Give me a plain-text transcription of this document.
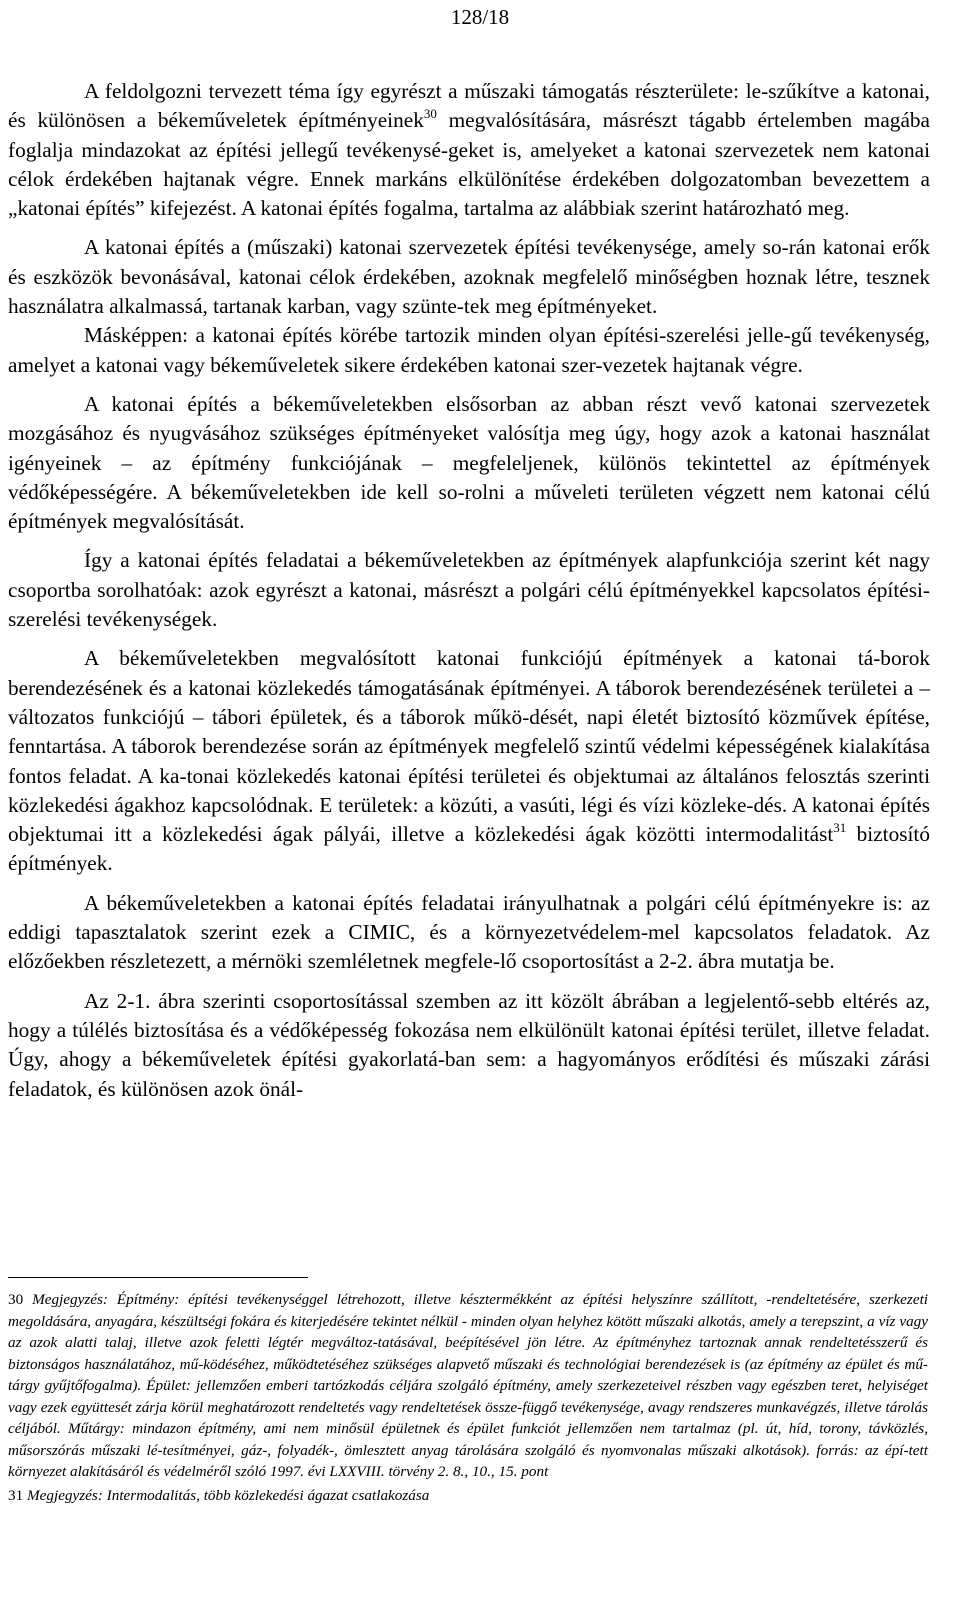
128/18

A feldolgozni tervezett téma így egyrészt a műszaki támogatás részterülete: le-szűkítve a katonai, és különösen a békeműveletek építményeinek$^{30}$ megvalósítására, másrészt tágabb értelemben magába foglalja mindazokat az építési jellegű tevékenysé-geket is, amelyeket a katonai szervezetek nem katonai célok érdekében hajtanak végre. Ennek markáns elkülönítése érdekében dolgozatomban bevezettem a „katonai építés” kifejezést. A katonai építés fogalma, tartalma az alábbiak szerint határozható meg.

A katonai építés a (műszaki) katonai szervezetek építési tevékenysége, amely so-rán katonai erők és eszközök bevonásával, katonai célok érdekében, azoknak megfelelő minőségben hoznak létre, tesznek használatra alkalmassá, tartanak karban, vagy szünte-tek meg építményeket.

Másképpen: a katonai építés körébe tartozik minden olyan építési-szerelési jelle-gű tevékenység, amelyet a katonai vagy békeműveletek sikere érdekében katonai szer-vezetek hajtanak végre.

A katonai építés a békeműveletekben elsősorban az abban részt vevő katonai szervezetek mozgásához és nyugvásához szükséges építményeket valósítja meg úgy, hogy azok a katonai használat igényeinek – az építmény funkciójának – megfeleljenek, különös tekintettel az építmények védőképességére. A békeműveletekben ide kell so-rolni a műveleti területen végzett nem katonai célú építmények megvalósítását.

Így a katonai építés feladatai a békeműveletekben az építmények alapfunkciója szerint két nagy csoportba sorolhatóak: azok egyrészt a katonai, másrészt a polgári célú építményekkel kapcsolatos építési-szerelési tevékenységek.

A békeműveletekben megvalósított katonai funkciójú építmények a katonai tá-borok berendezésének és a katonai közlekedés támogatásának építményei. A táborok berendezésének területei a – változatos funkciójú – tábori épületek, és a táborok műkö-dését, napi életét biztosító közművek építése, fenntartása. A táborok berendezése során az építmények megfelelő szintű védelmi képességének kialakítása fontos feladat. A ka-tonai közlekedés katonai építési területei és objektumai az általános felosztás szerinti közlekedési ágakhoz kapcsolódnak. E területek: a közúti, a vasúti, légi és vízi közleke-dés. A katonai építés objektumai itt a közlekedési ágak pályái, illetve a közlekedési ágak közötti intermodalitást$^{31}$ biztosító építmények.

A békeműveletekben a katonai építés feladatai irányulhatnak a polgári célú építményekre is: az eddigi tapasztalatok szerint ezek a CIMIC, és a környezetvédelem-mel kapcsolatos feladatok. Az előzőekben részletezett, a mérnöki szemléletnek megfele-lő csoportosítást a 2-2. ábra mutatja be.

Az 2-1. ábra szerinti csoportosítással szemben az itt közölt ábrában a legjelentő-sebb eltérés az, hogy a túlélés biztosítása és a védőképesség fokozása nem elkülönült katonai építési terület, illetve feladat. Úgy, ahogy a békeműveletek építési gyakorlatá-ban sem: a hagyományos erődítési és műszaki zárási feladatok, és különösen azok önál-

30 Megjegyzés: Építmény: építési tevékenységgel létrehozott, illetve késztermékként az építési helyszínre szállított, -rendeltetésére, szerkezeti megoldására, anyagára, készültségi fokára és kiterjedésére tekintet nélkül - minden olyan helyhez kötött műszaki alkotás, amely a terepszint, a víz vagy az azok alatti talaj, illetve azok feletti légtér megváltoz-tatásával, beépítésével jön létre. Az építményhez tartoznak annak rendeltetésszerű és biztonságos használatához, mű-ködéséhez, működtetéséhez szükséges alapvető műszaki és technológiai berendezések is (az építmény az épület és mű-tárgy gyűjtőfogalma). Épület: jellemzően emberi tartózkodás céljára szolgáló építmény, amely szerkezeteivel részben vagy egészben teret, helyiséget vagy ezek együttesét zárja körül meghatározott rendeltetés vagy rendeltetések össze-függő tevékenysége, avagy rendszeres munkavégzés, illetve tárolás céljából. Műtárgy: mindazon építmény, ami nem minősül épületnek és épület funkciót jellemzően nem tartalmaz (pl. út, híd, torony, távközlés, műsorszórás műszaki lé-tesítményei, gáz-, folyadék-, ömlesztett anyag tárolására szolgáló és nyomvonalas műszaki alkotások). forrás: az épí-tett környezet alakításáról és védelméről szóló 1997. évi LXXVIII. törvény 2. 8., 10., 15. pont

31 Megjegyzés: Intermodalitás, több közlekedési ágazat csatlakozása
